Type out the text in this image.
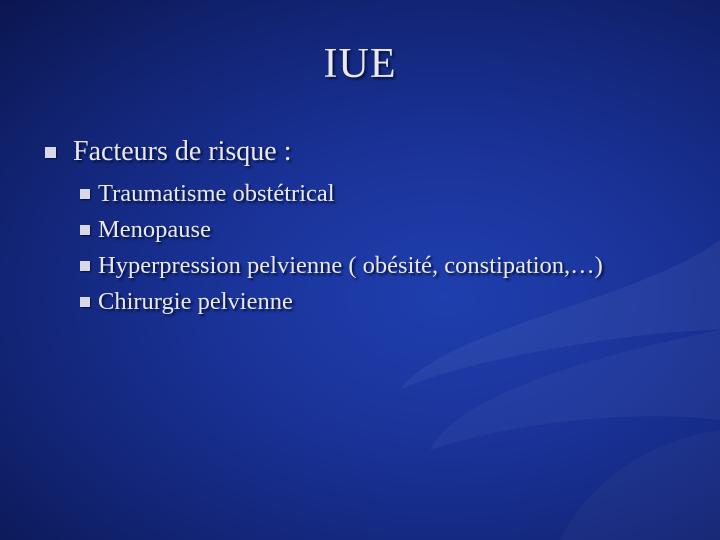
IUE
Facteurs de risque :
Traumatisme obstétrical
Menopause
Hyperpression pelvienne ( obésité, constipation,…)
Chirurgie pelvienne
